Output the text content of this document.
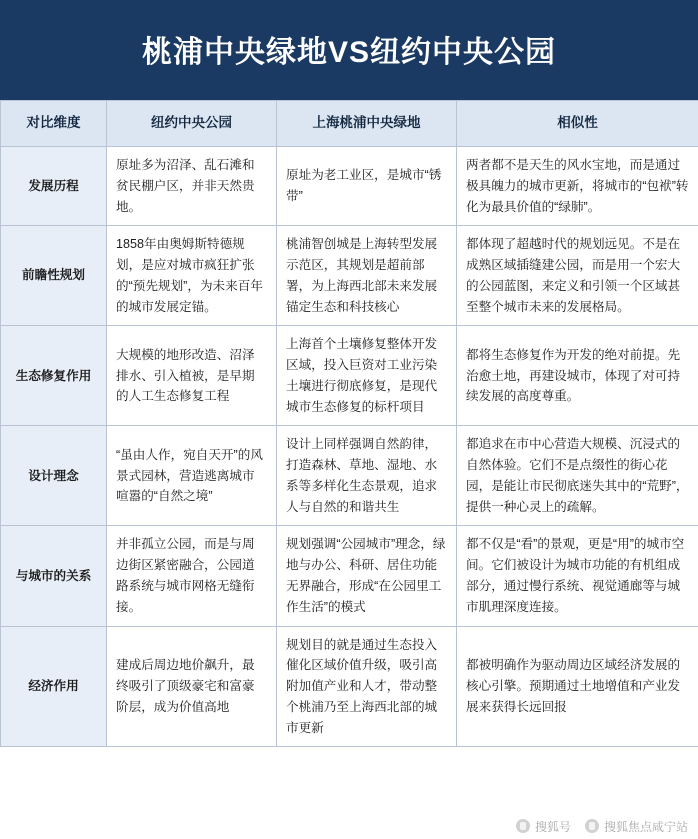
桃浦中央绿地VS纽约中央公园
对比维度	纽约中央公园	上海桃浦中央绿地	相似性
发展历程	原址多为沼泽、乱石滩和贫民棚户区，并非天然贵地。	原址为老工业区，是城市“锈带”	两者都不是天生的风水宝地，而是通过极具魄力的城市更新，将城市的“包袱”转化为最具价值的“绿肺”。
前瞻性规划	1858年由奥姆斯特德规划，是应对城市疯狂扩张的“预先规划”，为未来百年的城市发展定锚。	桃浦智创城是上海转型发展示范区，其规划是超前部署，为上海西北部未来发展锚定生态和科技核心	都体现了超越时代的规划远见。不是在成熟区域插缝建公园，而是用一个宏大的公园蓝图，来定义和引领一个区域甚至整个城市未来的发展格局。
生态修复作用	大规模的地形改造、沼泽排水、引入植被，是早期的人工生态修复工程	上海首个土壤修复整体开发区域，投入巨资对工业污染土壤进行彻底修复，是现代城市生态修复的标杆项目	都将生态修复作为开发的绝对前提。先治愈土地，再建设城市，体现了对可持续发展的高度尊重。
设计理念	“虽由人作，宛自天开”的风景式园林，营造逃离城市喧嚣的“自然之境”	设计上同样强调自然韵律，打造森林、草地、湿地、水系等多样化生态景观，追求人与自然的和谐共生	都追求在市中心营造大规模、沉浸式的自然体验。它们不是点缀性的街心花园，是能让市民彻底迷失其中的“荒野”，提供一种心灵上的疏解。
与城市的关系	并非孤立公园，而是与周边街区紧密融合，公园道路系统与城市网格无缝衔接。	规划强调“公园城市”理念，绿地与办公、科研、居住功能无界融合，形成“在公园里工作生活”的模式	都不仅是“看”的景观，更是“用”的城市空间。它们被设计为城市功能的有机组成部分，通过慢行系统、视觉通廊等与城市肌理深度连接。
经济作用	建成后周边地价飙升，最终吸引了顶级豪宅和富豪阶层，成为价值高地	规划目的就是通过生态投入催化区域价值升级，吸引高附加值产业和人才，带动整个桃浦乃至上海西北部的城市更新	都被明确作为驱动周边区域经济发展的核心引擎。预期通过土地增值和产业发展来获得长远回报
搜狐号	搜狐焦点咸宁站
